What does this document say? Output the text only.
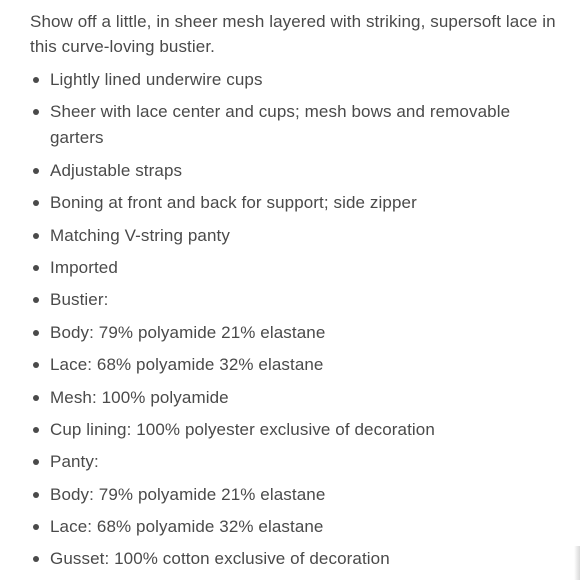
Show off a little, in sheer mesh layered with striking, supersoft lace in this curve-loving bustier.

Lightly lined underwire cups
Sheer with lace center and cups; mesh bows and removable garters
Adjustable straps
Boning at front and back for support; side zipper
Matching V-string panty
Imported
Bustier:
Body: 79% polyamide 21% elastane
Lace: 68% polyamide 32% elastane
Mesh: 100% polyamide
Cup lining: 100% polyester exclusive of decoration
Panty:
Body: 79% polyamide 21% elastane
Lace: 68% polyamide 32% elastane
Gusset: 100% cotton exclusive of decoration
